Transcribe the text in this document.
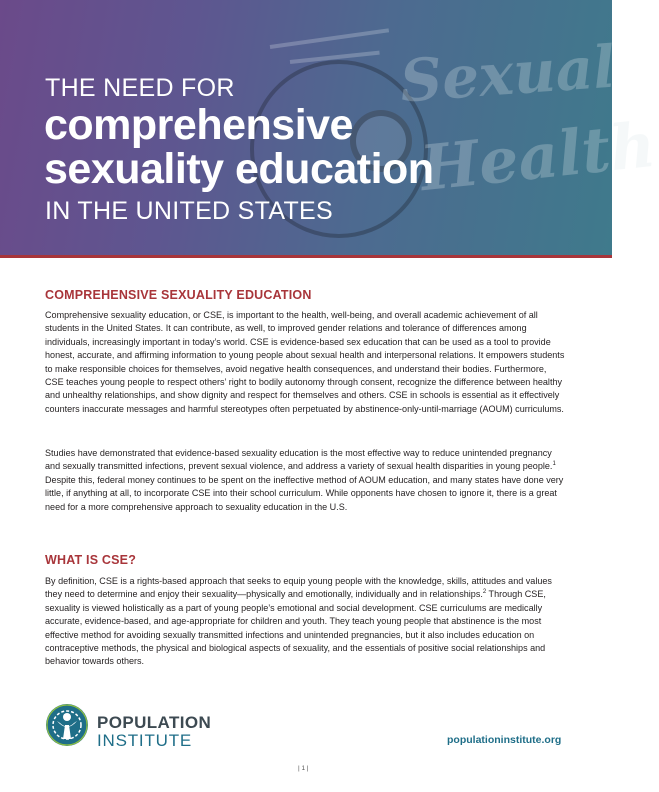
Sexual
Health
THE NEED FOR
comprehensive
sexuality education
IN THE UNITED STATES
COMPREHENSIVE SEXUALITY EDUCATION

Comprehensive sexuality education, or CSE, is important to the health, well-being, and overall academic achievement of all students in the United States. It can contribute, as well, to improved gender relations and tolerance of differences among individuals, increasingly important in today’s world. CSE is evidence-based sex education that can be used as a tool to provide honest, accurate, and affirming information to young people about sexual health and interpersonal relations. It empowers students to make responsible choices for themselves, avoid negative health consequences, and understand their bodies. Furthermore, CSE teaches young people to respect others’ right to bodily autonomy through consent, recognize the difference between healthy and unhealthy relationships, and show dignity and respect for themselves and others. CSE in schools is essential as it effectively counters inaccurate messages and harmful stereotypes often perpetuated by abstinence-only-until-marriage (AOUM) curriculums.

Studies have demonstrated that evidence-based sexuality education is the most effective way to reduce unintended pregnancy and sexually transmitted infections, prevent sexual violence, and address a variety of sexual health disparities in young people.$^1$ Despite this, federal money continues to be spent on the ineffective method of AOUM education, and many states have done very little, if anything at all, to incorporate CSE into their school curriculum. While opponents have chosen to ignore it, there is a great need for a more comprehensive approach to sexuality education in the U.S.

WHAT IS CSE?

By definition, CSE is a rights-based approach that seeks to equip young people with the knowledge, skills, attitudes and values they need to determine and enjoy their sexuality—physically and emotionally, individually and in relationships.$^2$ Through CSE, sexuality is viewed holistically as a part of young people’s emotional and social development. CSE curriculums are medically accurate, evidence-based, and age-appropriate for children and youth. They teach young people that abstinence is the most effective method for avoiding sexually transmitted infections and unintended pregnancies, but it also includes education on contraceptive methods, the physical and biological aspects of sexuality, and the essentials of positive social relationships and behavior towards others.

POPULATION
INSTITUTE	populationinstitute.org
| 1 |
